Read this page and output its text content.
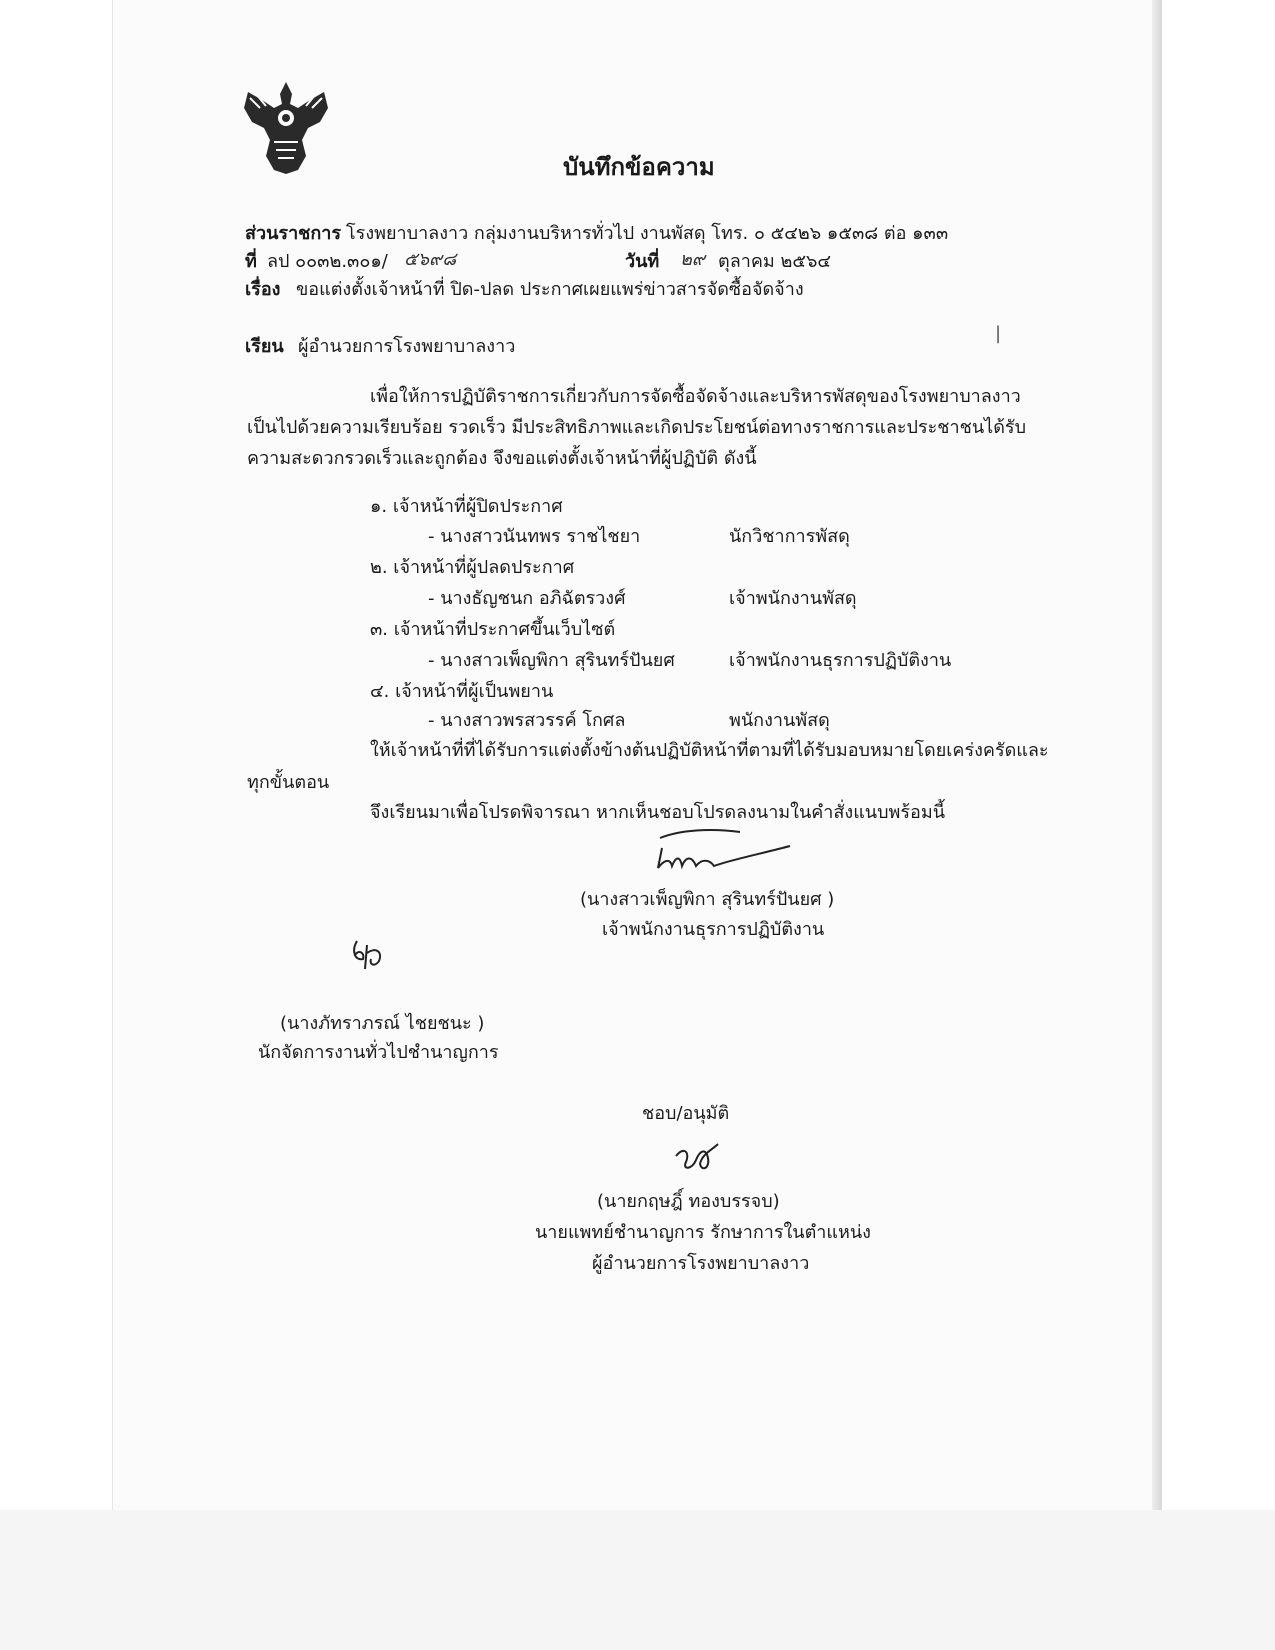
บันทึกข้อความ
ส่วนราชการ โรงพยาบาลงาว กลุ่มงานบริหารทั่วไป งานพัสดุ โทร. ๐ ๕๔๒๖ ๑๕๓๘ ต่อ ๑๓๓
ที่ ลป ๐๐๓๒.๓๐๑/ ๕๖๙๘	วันที่ ๒๙ ตุลาคม ๒๕๖๔
เรื่อง ขอแต่งตั้งเจ้าหน้าที่ ปิด-ปลด ประกาศเผยแพร่ข่าวสารจัดซื้อจัดจ้าง
เรียน ผู้อำนวยการโรงพยาบาลงาว
|
เพื่อให้การปฏิบัติราชการเกี่ยวกับการจัดซื้อจัดจ้างและบริหารพัสดุของโรงพยาบาลงาว
เป็นไปด้วยความเรียบร้อย รวดเร็ว มีประสิทธิภาพและเกิดประโยชน์ต่อทางราชการและประชาชนได้รับ
ความสะดวกรวดเร็วและถูกต้อง จึงขอแต่งตั้งเจ้าหน้าที่ผู้ปฏิบัติ ดังนี้
๑. เจ้าหน้าที่ผู้ปิดประกาศ
- นางสาวนันทพร ราชไชยา	นักวิชาการพัสดุ
๒. เจ้าหน้าที่ผู้ปลดประกาศ
- นางธัญชนก อภิฉัตรวงศ์	เจ้าพนักงานพัสดุ
๓. เจ้าหน้าที่ประกาศขึ้นเว็บไซต์
- นางสาวเพ็ญพิกา สุรินทร์ปันยศ	เจ้าพนักงานธุรการปฏิบัติงาน
๔. เจ้าหน้าที่ผู้เป็นพยาน
- นางสาวพรสวรรค์ โกศล	พนักงานพัสดุ
ให้เจ้าหน้าที่ที่ได้รับการแต่งตั้งข้างต้นปฏิบัติหน้าที่ตามที่ได้รับมอบหมายโดยเคร่งครัดและ
ทุกขั้นตอน
จึงเรียนมาเพื่อโปรดพิจารณา หากเห็นชอบโปรดลงนามในคำสั่งแนบพร้อมนี้
(นางสาวเพ็ญพิกา สุรินทร์ปันยศ )
เจ้าพนักงานธุรการปฏิบัติงาน
(นางภัทราภรณ์ ไชยชนะ )
นักจัดการงานทั่วไปชำนาญการ
ชอบ/อนุมัติ
(นายกฤษฎิ์ ทองบรรจบ)
นายแพทย์ชำนาญการ รักษาการในตำแหน่ง
ผู้อำนวยการโรงพยาบาลงาว
